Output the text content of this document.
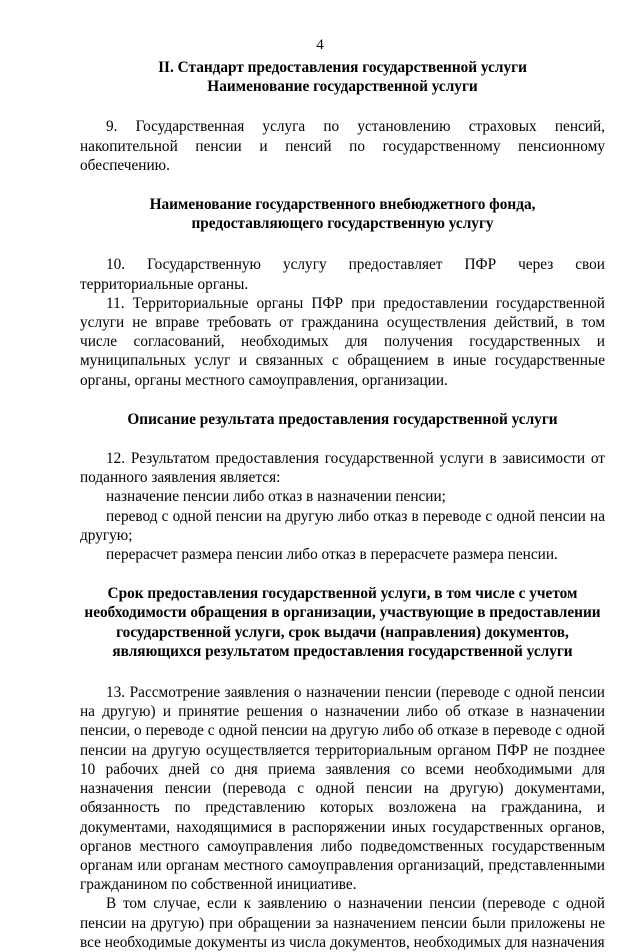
4

II. Стандарт предоставления государственной услуги

Наименование государственной услуги

9. Государственная услуга по установлению страховых пенсий, накопительной пенсии и пенсий по государственному пенсионному обеспечению.

Наименование государственного внебюджетного фонда,

предоставляющего государственную услугу

10. Государственную услугу предоставляет ПФР через свои территориальные органы.

11. Территориальные органы ПФР при предоставлении государственной услуги не вправе требовать от гражданина осуществления действий, в том числе согласований, необходимых для получения государственных и муниципальных услуг и связанных с обращением в иные государственные органы, органы местного самоуправления, организации.

Описание результата предоставления государственной услуги

12. Результатом предоставления государственной услуги в зависимости от поданного заявления является:

назначение пенсии либо отказ в назначении пенсии;

перевод с одной пенсии на другую либо отказ в переводе с одной пенсии на другую;

перерасчет размера пенсии либо отказ в перерасчете размера пенсии.

Срок предоставления государственной услуги, в том числе с учетом

необходимости обращения в организации, участвующие в предоставлении

государственной услуги, срок выдачи (направления) документов,

являющихся результатом предоставления государственной услуги

13. Рассмотрение заявления о назначении пенсии (переводе с одной пенсии на другую) и принятие решения о назначении либо об отказе в назначении пенсии, о переводе с одной пенсии на другую либо об отказе в переводе с одной пенсии на другую осуществляется территориальным органом ПФР не позднее 10 рабочих дней со дня приема заявления со всеми необходимыми для назначения пенсии (перевода с одной пенсии на другую) документами, обязанность по представлению которых возложена на гражданина, и документами, находящимися в распоряжении иных государственных органов, органов местного самоуправления либо подведомственных государственным органам или органам местного самоуправления организаций, представленными гражданином по собственной инициативе.

В том случае, если к заявлению о назначении пенсии (переводе с одной пенсии на другую) при обращении за назначением пенсии были приложены не все необходимые документы из числа документов, необходимых для назначения
